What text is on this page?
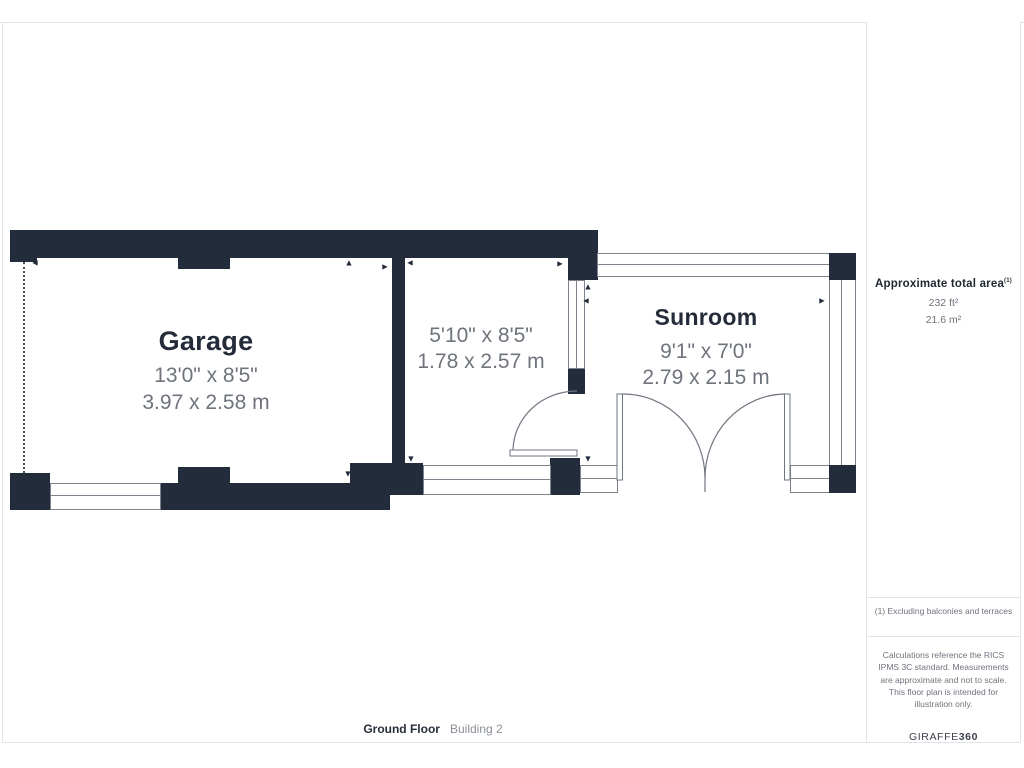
◄	▲	►
▼
◄	►
▼
▲
◄	►
▼
Garage
13'0" x 8'5"
3.97 x 2.58 m
5'10" x 8'5"
1.78 x 2.57 m
Sunroom
9'1" x 7'0"
2.79 x 2.15 m
Ground Floor Building 2
Approximate total area$^{(1)}$
232 ft²
21.6 m²
(1) Excluding balconies and terraces
Calculations reference the RICS IPMS 3C standard. Measurements are approximate and not to scale. This floor plan is intended for illustration only.
GIRAFFE360
